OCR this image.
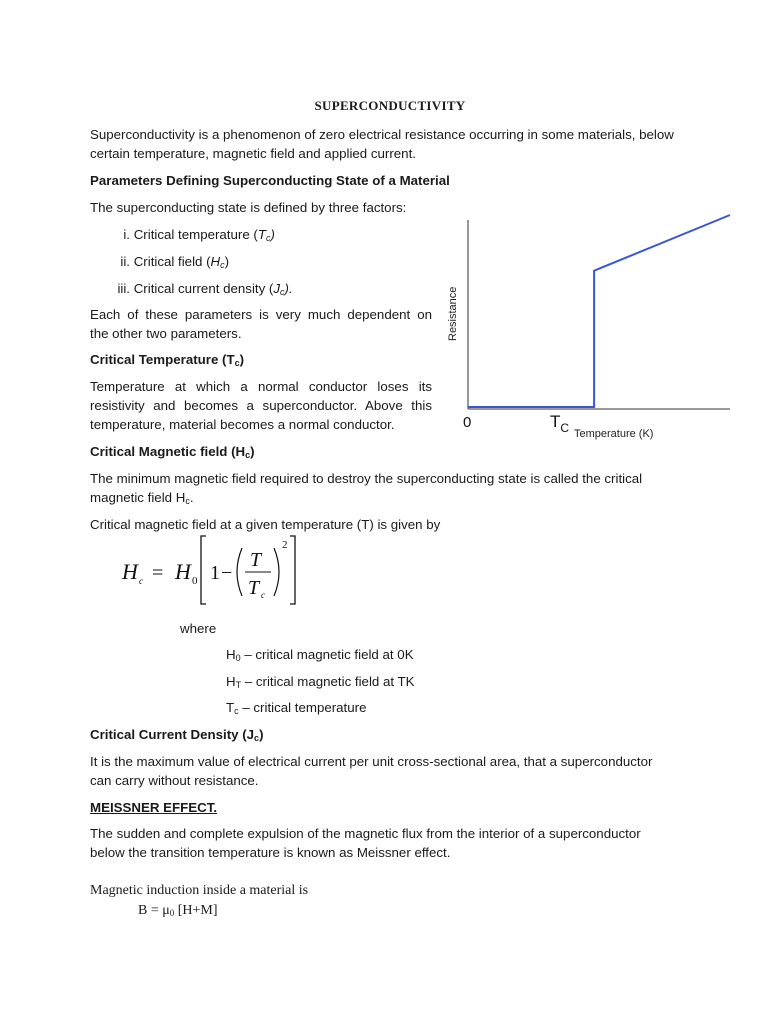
SUPERCONDUCTIVITY
Superconductivity is a phenomenon of zero electrical resistance occurring in some materials, below
certain temperature, magnetic field and applied current.
Parameters Defining Superconducting State of a Material
The superconducting state is defined by three factors:
i. Critical temperature $(T_c)$
ii. Critical field $(H_c)$
iii. Critical current density $(J_c)$.
Each of these parameters is very much dependent on
the other two parameters.
Critical Temperature $(T_c)$
Temperature at which a normal conductor loses its
resistivity and becomes a superconductor. Above this
temperature, material becomes a normal conductor.
Resistance
0	$T_C$ Temperature (K)
Critical Magnetic field $(H_c)$
The minimum magnetic field required to destroy the superconducting state is called the critical
magnetic field $H_c$.
Critical magnetic field at a given temperature (T) is given by
H c = H 0 1 −
T
T c
2
where
$H_0$ – critical magnetic field at 0K
$H_T$ – critical magnetic field at TK
$T_c$ – critical temperature
Critical Current Density $(J_c)$
It is the maximum value of electrical current per unit cross-sectional area, that a superconductor
can carry without resistance.
MEISSNER EFFECT.
The sudden and complete expulsion of the magnetic flux from the interior of a superconductor
below the transition temperature is known as Meissner effect.
Magnetic induction inside a material is
$B = \mu_0$ [H+M]
